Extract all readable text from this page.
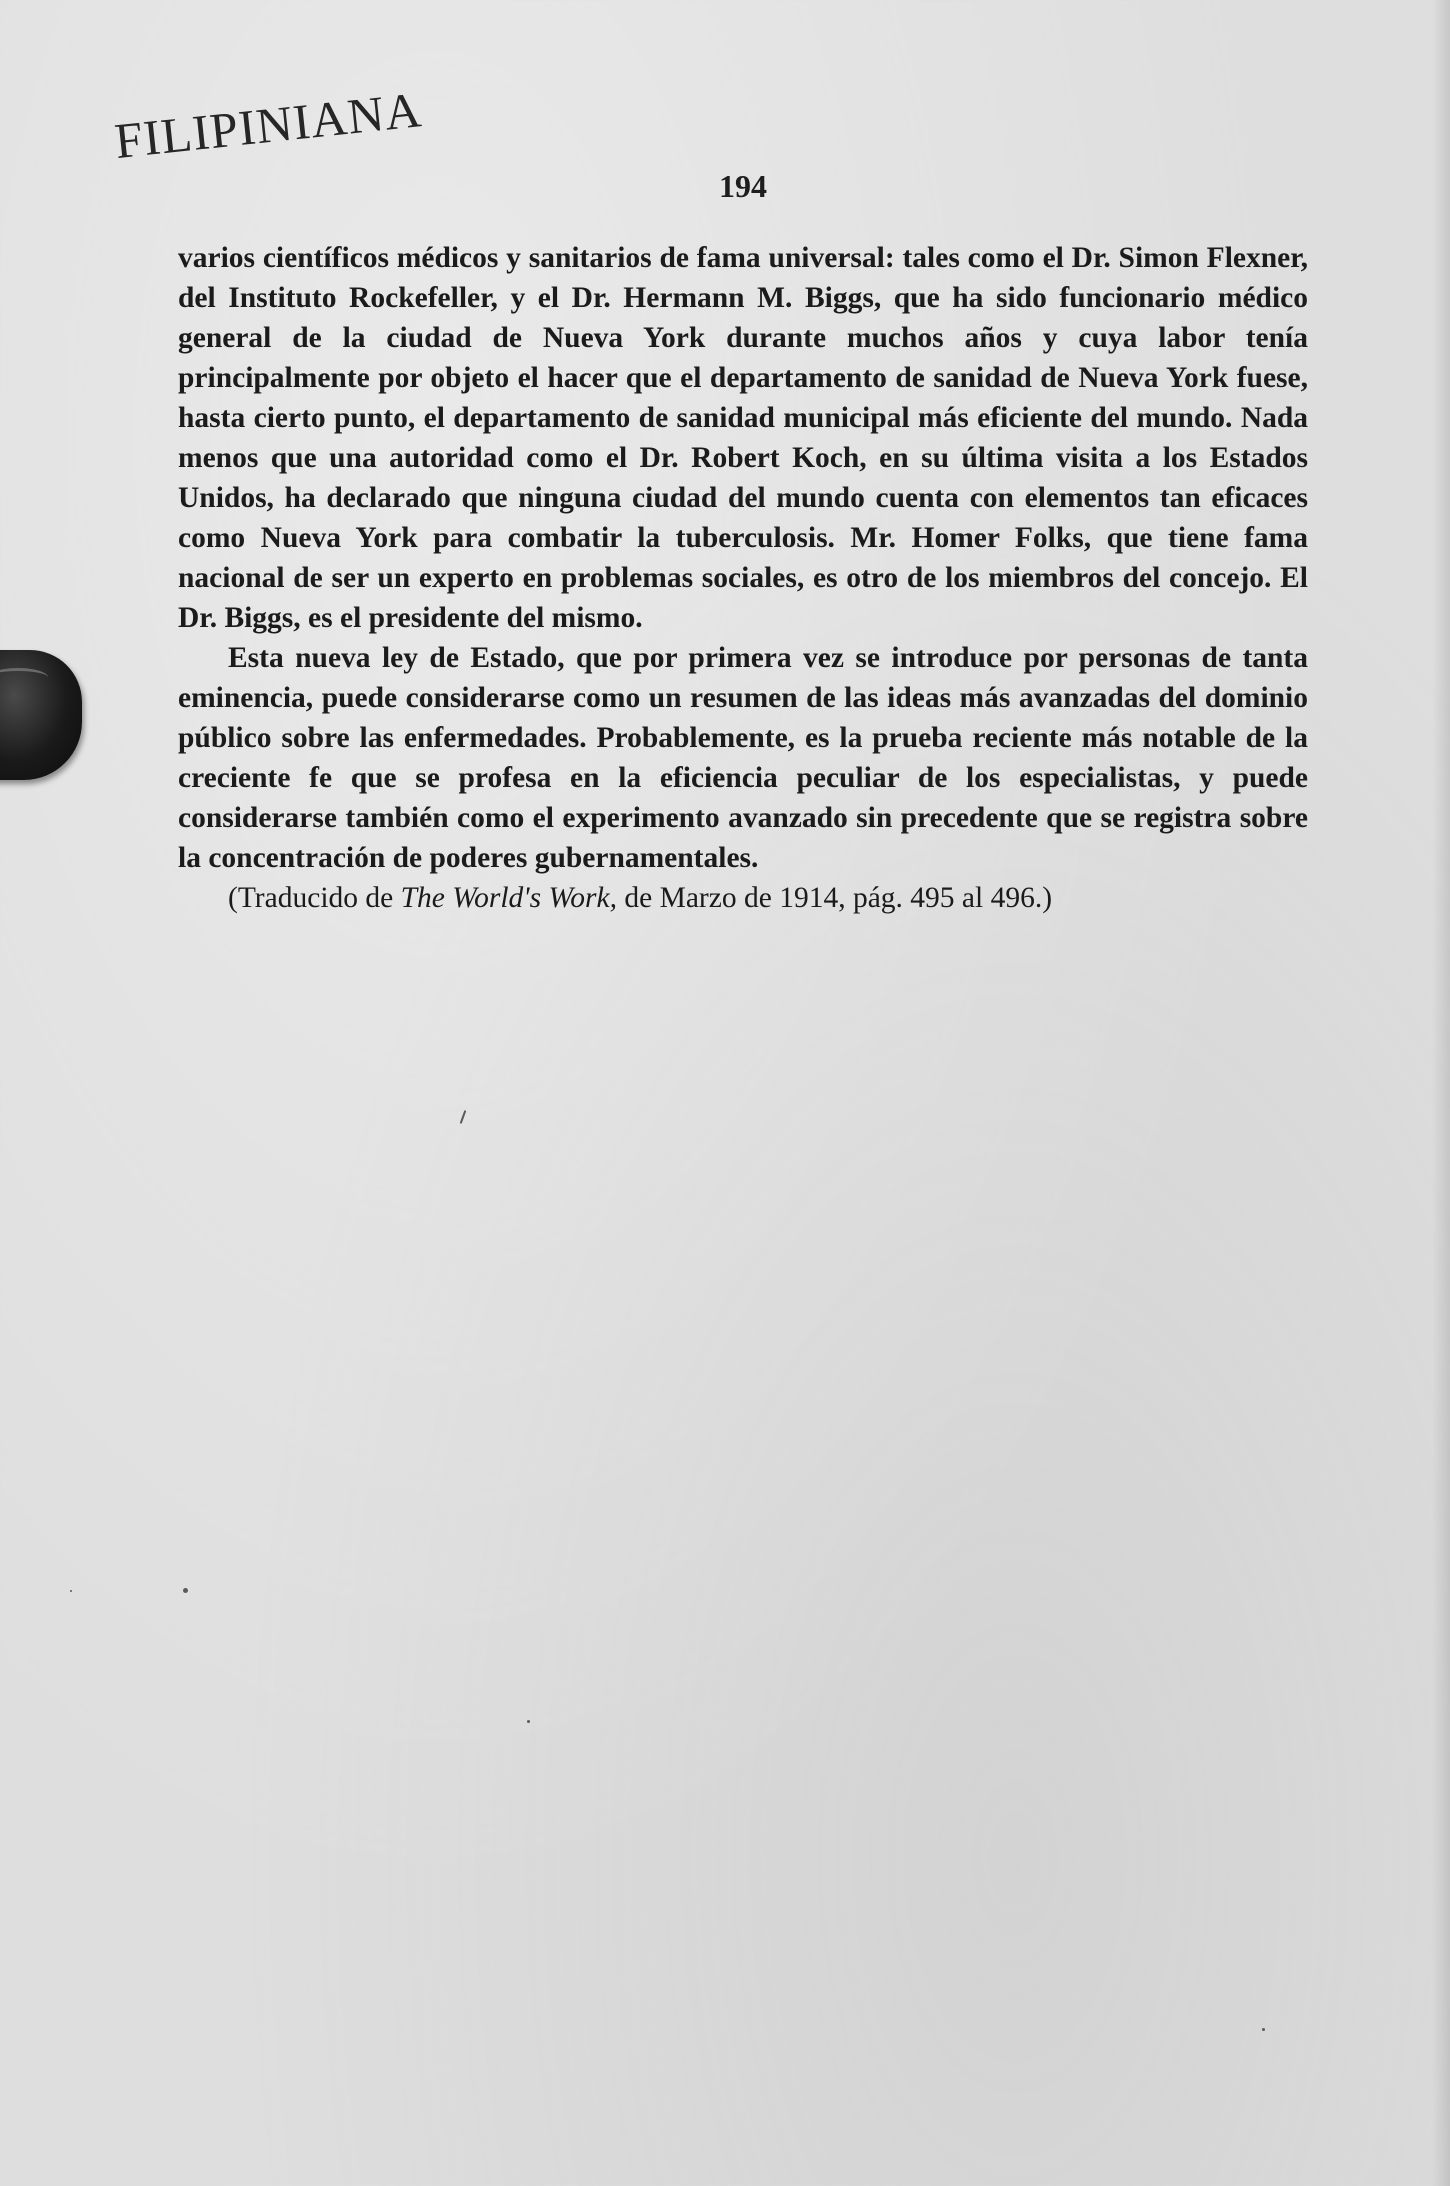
FILIPINIANA
194

varios científicos médicos y sanitarios de fama universal: tales como el Dr. Simon Flexner, del Instituto Rockefeller, y el Dr. Hermann M. Biggs, que ha sido funcionario médico general de la ciudad de Nueva York durante muchos años y cuya labor tenía principalmente por objeto el hacer que el departamento de sanidad de Nueva York fuese, hasta cierto punto, el departamento de sanidad municipal más eficiente del mundo. Nada menos que una autoridad como el Dr. Robert Koch, en su última visita a los Estados Unidos, ha declarado que ninguna ciudad del mundo cuenta con elementos tan eficaces como Nueva York para combatir la tuberculosis. Mr. Homer Folks, que tiene fama nacional de ser un experto en problemas sociales, es otro de los miembros del concejo. El Dr. Biggs, es el presidente del mismo.

Esta nueva ley de Estado, que por primera vez se introduce por personas de tanta eminencia, puede considerarse como un resumen de las ideas más avanzadas del dominio público sobre las enfermedades. Probablemente, es la prueba reciente más notable de la creciente fe que se profesa en la eficiencia peculiar de los especialistas, y puede considerarse también como el experimento avanzado sin precedente que se registra sobre la concentración de poderes gubernamentales.

(Traducido de The World's Work, de Marzo de 1914, pág. 495 al 496.)
